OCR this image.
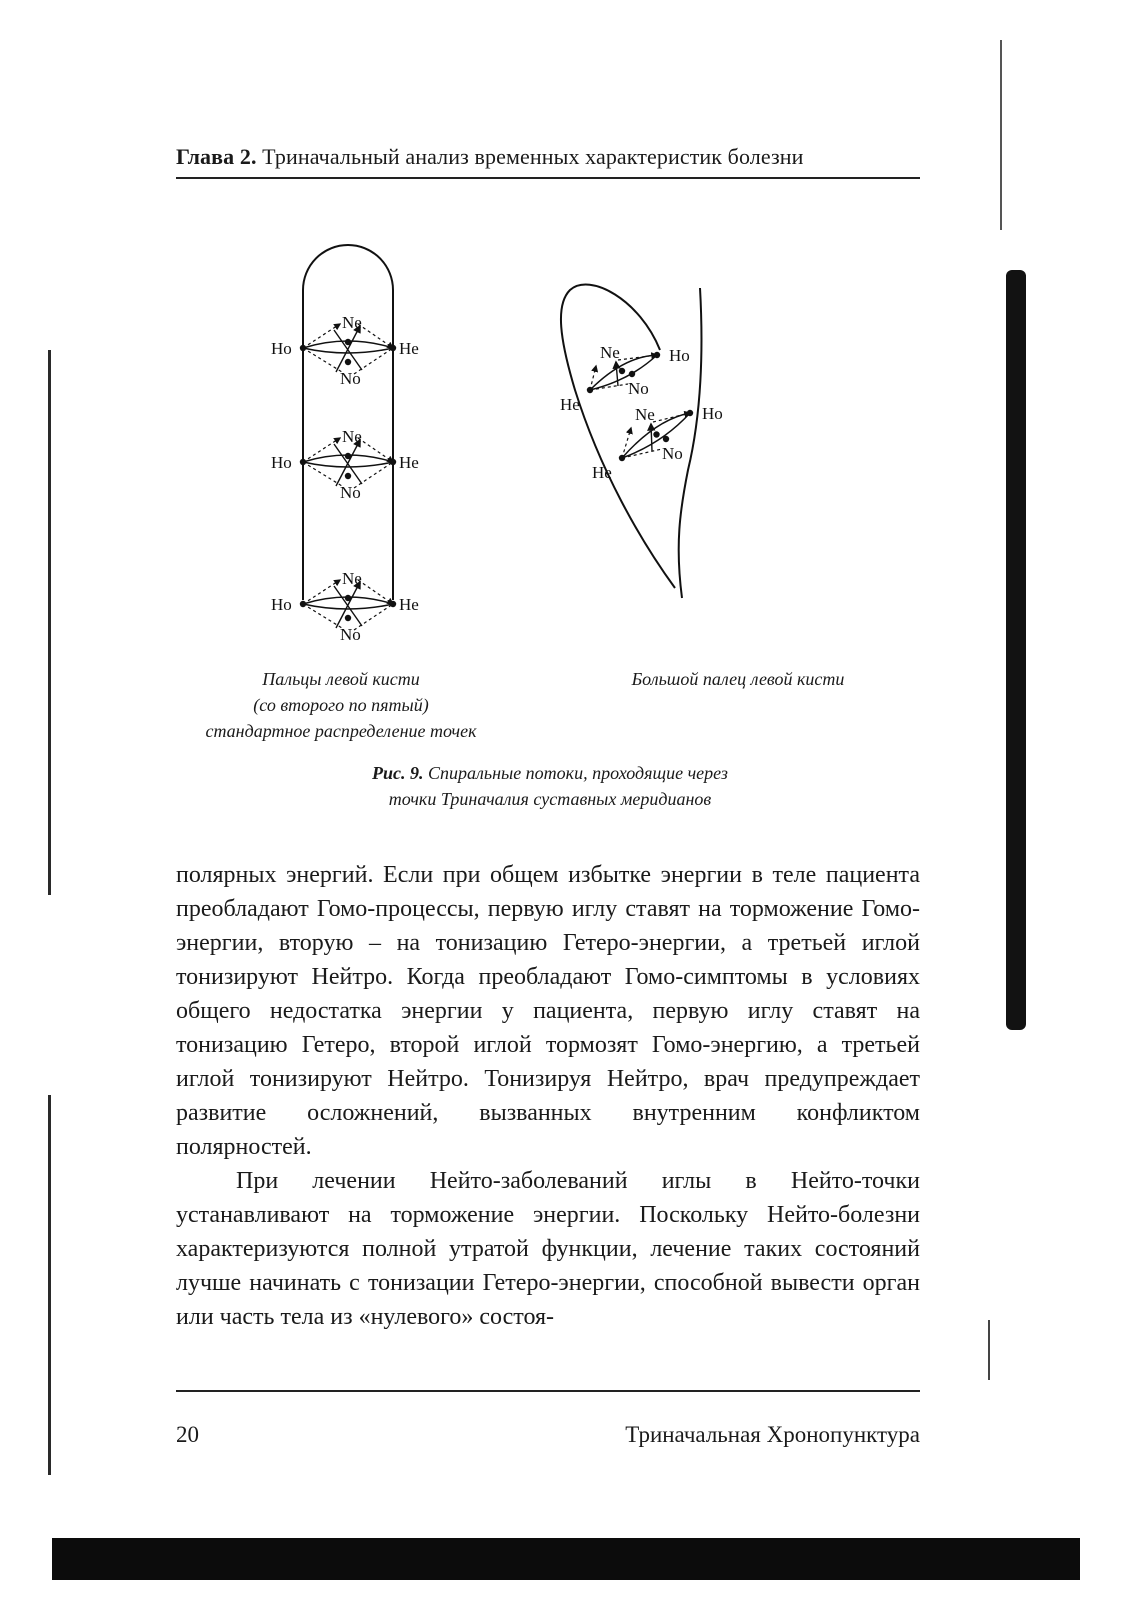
Глава 2. Триначальный анализ временных характеристик болезни
Ne
No
Ho	He
Ne
No
Ho	He
Ne
No
Ho	He
Ne
No
Ho
He
Ne
No
Ho
He
Пальцы левой кисти
(со второго по пятый)
стандартное распределение точек
Большой палец левой кисти
Рис. 9. Спиральные потоки, проходящие через
точки Триначалия суставных меридианов

полярных энергий. Если при общем избытке энергии в теле пациента преобладают Гомо-процессы, первую иглу ставят на торможение Гомо-энергии, вторую – на тонизацию Гетеро-энергии, а третьей иглой тонизируют Нейтро. Когда преобладают Гомо-симптомы в условиях общего недостатка энергии у пациента, первую иглу ставят на тонизацию Гетеро, второй иглой тормозят Гомо-энергию, а третьей иглой тонизируют Нейтро. Тонизируя Нейтро, врач предупреждает развитие осложнений, вызванных внутренним конфликтом полярностей.

При лечении Нейто-заболеваний иглы в Нейто-точки устанавливают на торможение энергии. Поскольку Нейто-болезни характеризуются полной утратой функции, лечение таких состояний лучше начинать с тонизации Гетеро-энергии, способной вывести орган или часть тела из «нулевого» состоя-

20	Триначальная Хронопунктура
